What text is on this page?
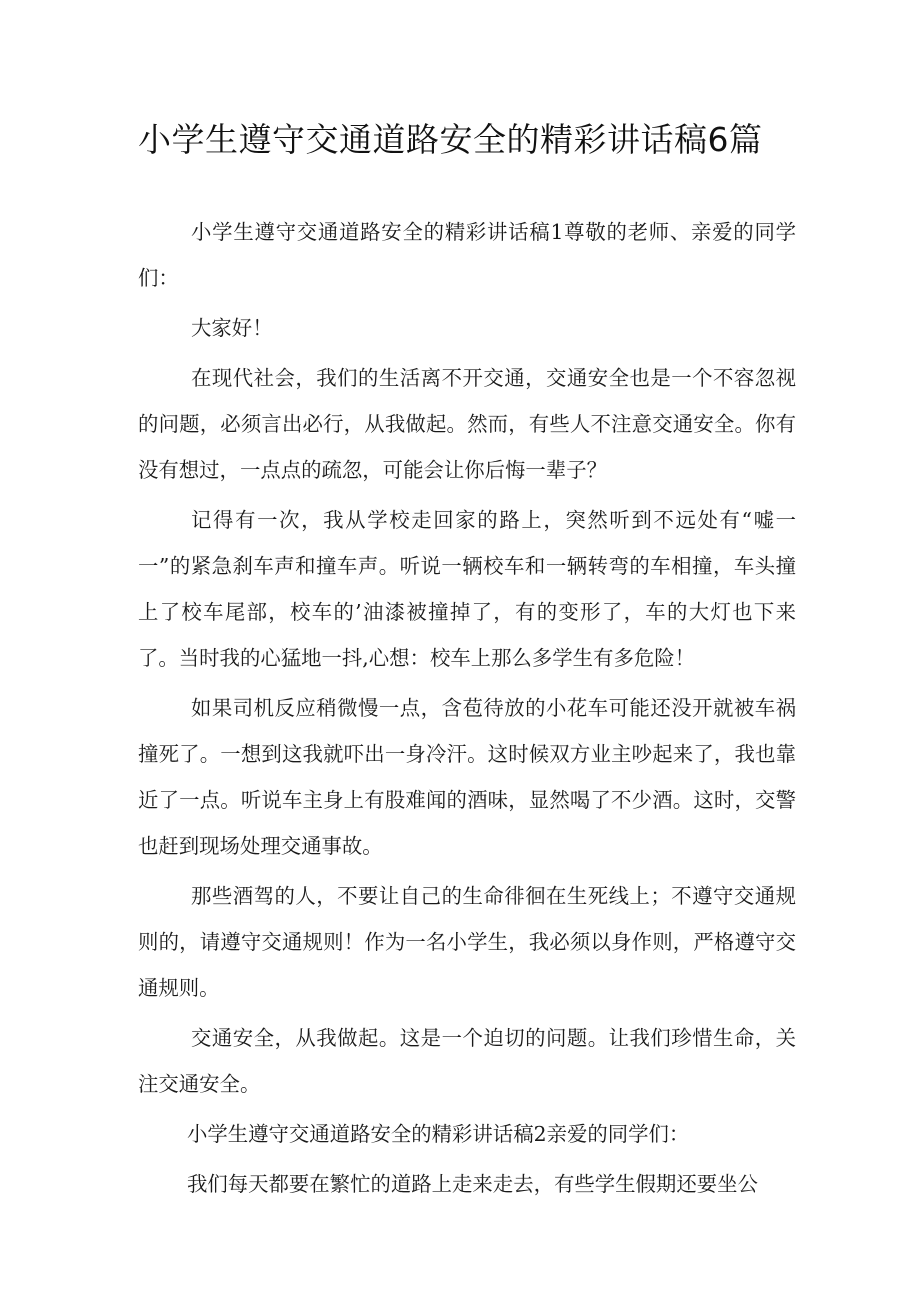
小学生遵守交通道路安全的精彩讲话稿6篇

小学生遵守交通道路安全的精彩讲话稿1尊敬的老师、亲爱的同学们：

大家好！

在现代社会，我们的生活离不开交通，交通安全也是一个不容忽视的问题，必须言出必行，从我做起。然而，有些人不注意交通安全。你有没有想过，一点点的疏忽，可能会让你后悔一辈子？

记得有一次，我从学校走回家的路上，突然听到不远处有“嘘一一”的紧急刹车声和撞车声。听说一辆校车和一辆转弯的车相撞，车头撞上了校车尾部，校车的’油漆被撞掉了，有的变形了，车的大灯也下来了。当时我的心猛地一抖,心想：校车上那么多学生有多危险！

如果司机反应稍微慢一点，含苞待放的小花车可能还没开就被车祸撞死了。一想到这我就吓出一身冷汗。这时候双方业主吵起来了，我也靠近了一点。听说车主身上有股难闻的酒味，显然喝了不少酒。这时，交警也赶到现场处理交通事故。

那些酒驾的人，不要让自己的生命徘徊在生死线上；不遵守交通规则的，请遵守交通规则！作为一名小学生，我必须以身作则，严格遵守交通规则。

交通安全，从我做起。这是一个迫切的问题。让我们珍惜生命，关注交通安全。

小学生遵守交通道路安全的精彩讲话稿2亲爱的同学们：

我们每天都要在繁忙的道路上走来走去，有些学生假期还要坐公
